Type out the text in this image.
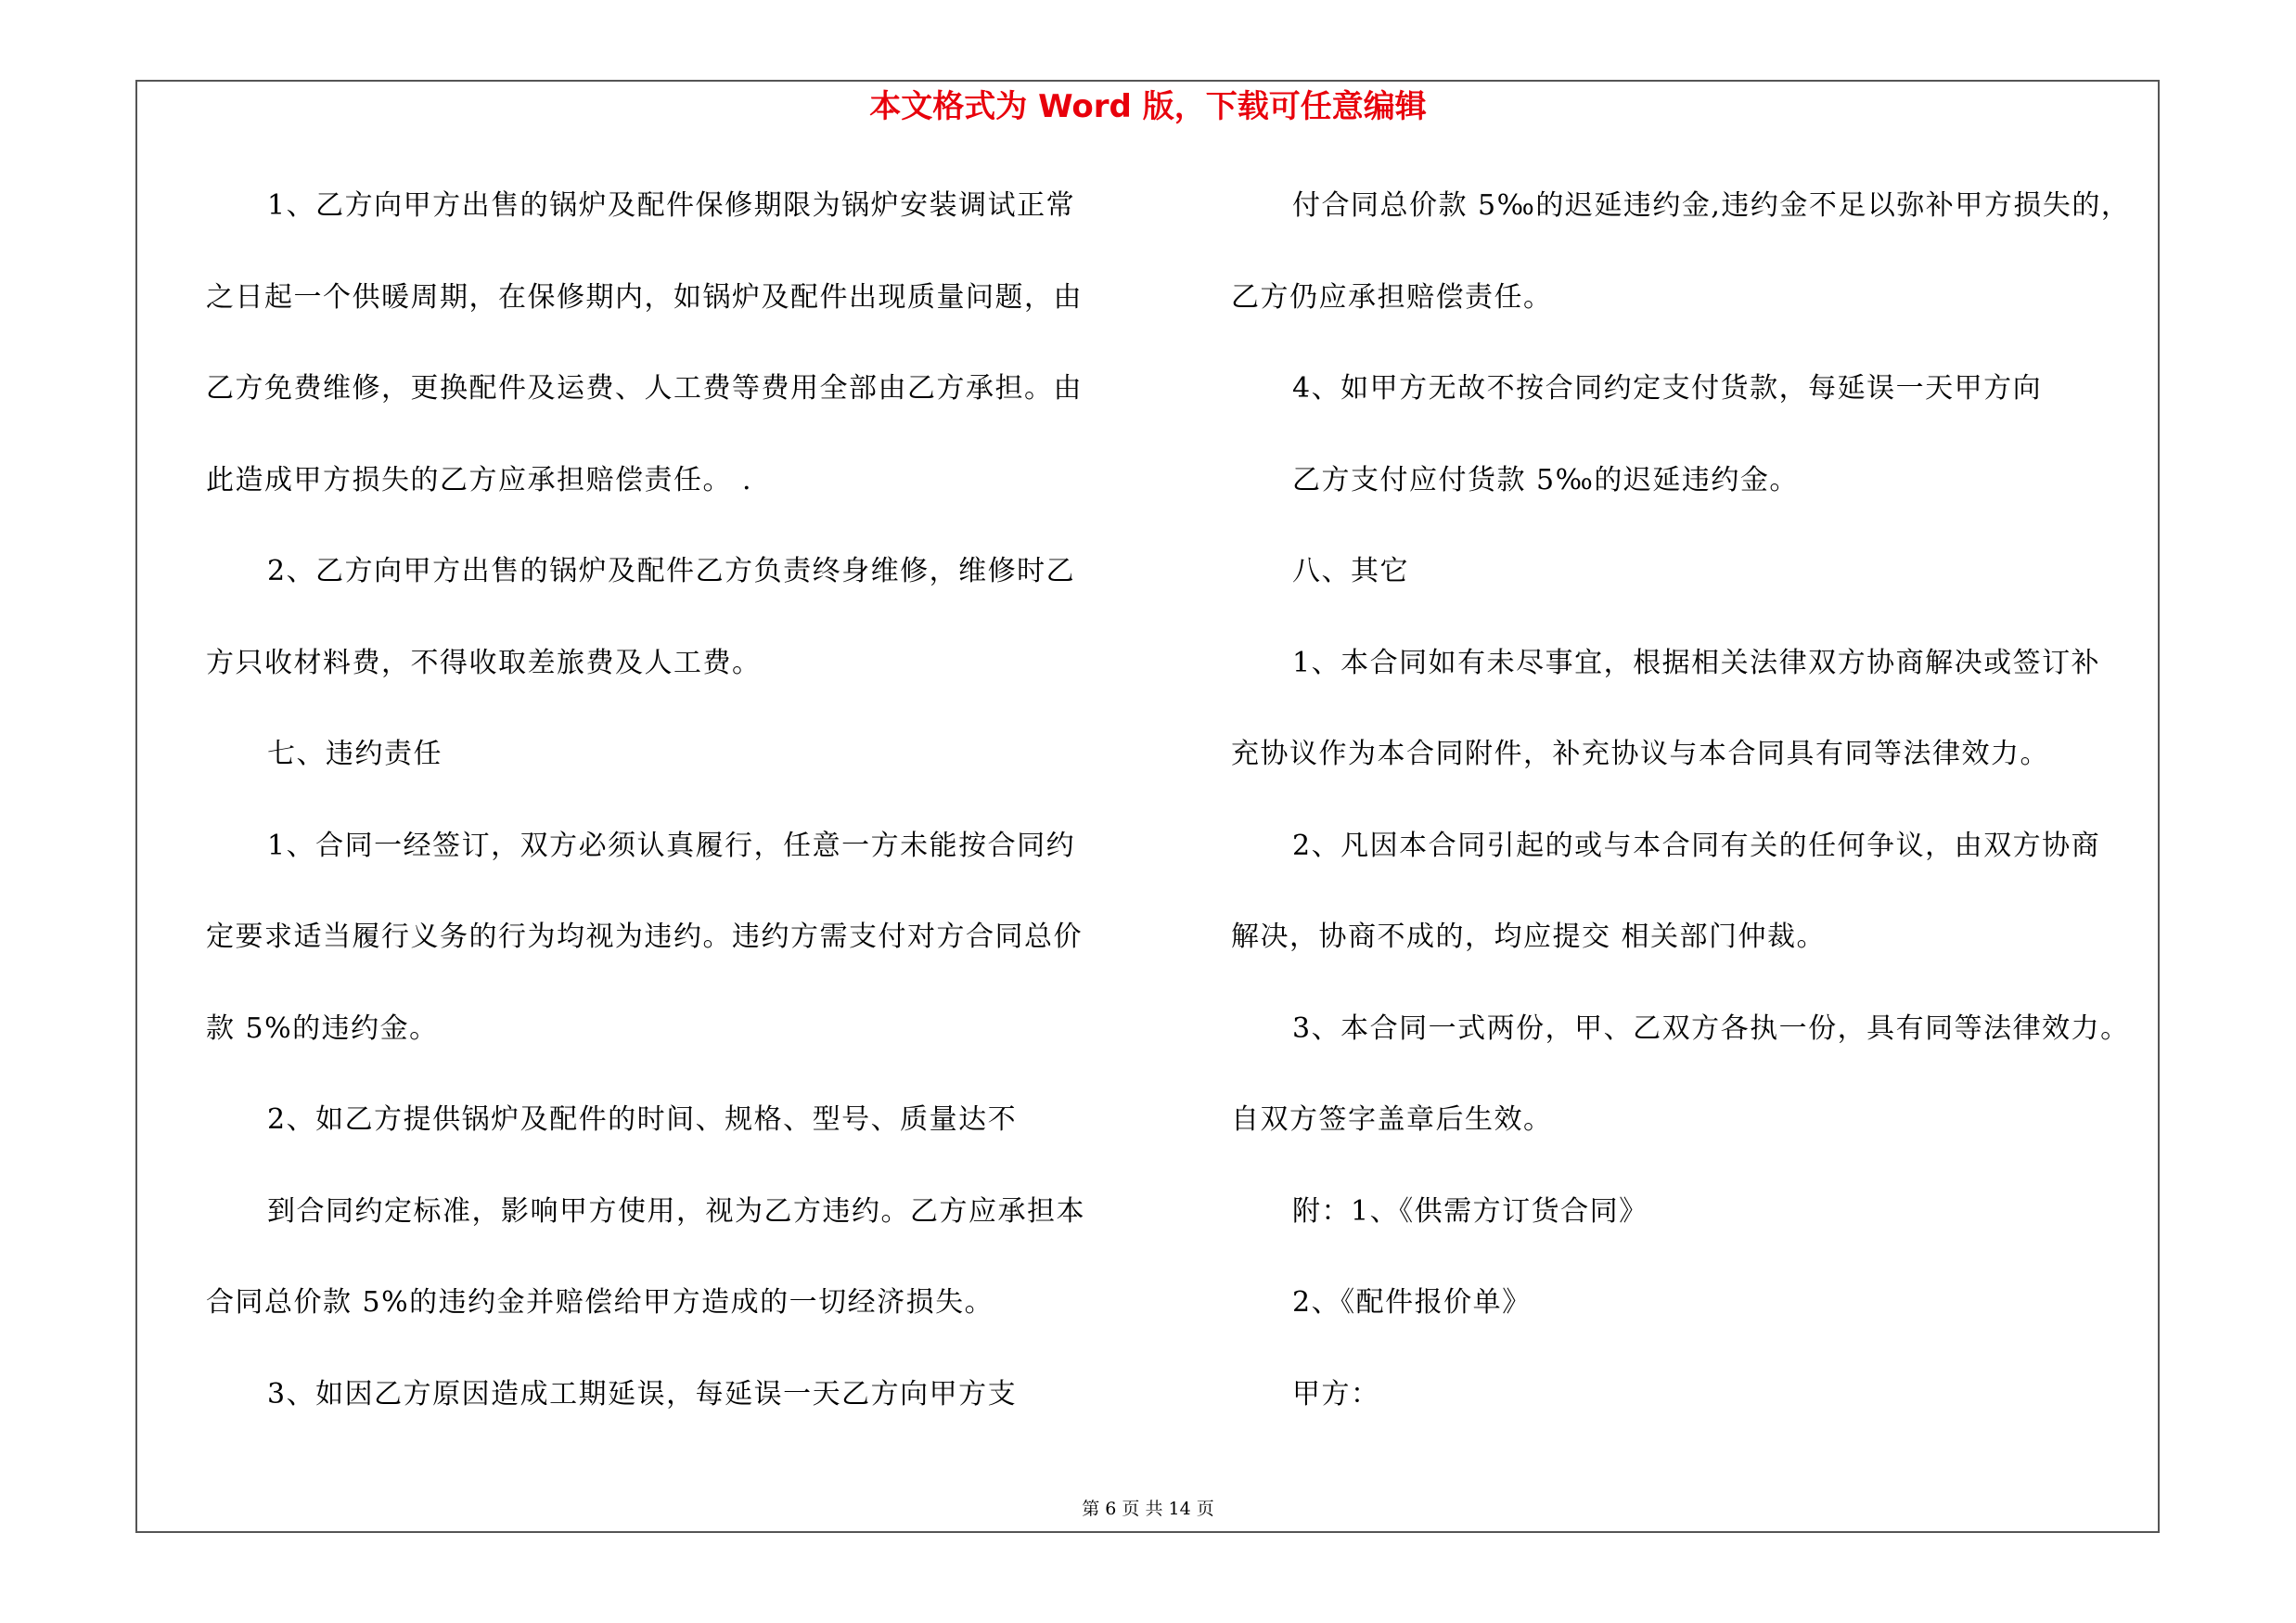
本文格式为 Word 版，下载可任意编辑
1、乙方向甲方出售的锅炉及配件保修期限为锅炉安装调试正常
之日起一个供暖周期，在保修期内，如锅炉及配件出现质量问题，由
乙方免费维修，更换配件及运费、人工费等费用全部由乙方承担。由
此造成甲方损失的乙方应承担赔偿责任。 .
2、乙方向甲方出售的锅炉及配件乙方负责终身维修，维修时乙
方只收材料费，不得收取差旅费及人工费。
七、违约责任
1、合同一经签订，双方必须认真履行，任意一方未能按合同约
定要求适当履行义务的行为均视为违约。违约方需支付对方合同总价
款 5%的违约金。
2、如乙方提供锅炉及配件的时间、规格、型号、质量达不
到合同约定标准，影响甲方使用，视为乙方违约。乙方应承担本
合同总价款 5%的违约金并赔偿给甲方造成的一切经济损失。
3、如因乙方原因造成工期延误，每延误一天乙方向甲方支
付合同总价款 5‰的迟延违约金,违约金不足以弥补甲方损失的，
乙方仍应承担赔偿责任。
4、如甲方无故不按合同约定支付货款，每延误一天甲方向
乙方支付应付货款 5‰的迟延违约金。
八、其它
1、本合同如有未尽事宜，根据相关法律双方协商解决或签订补
充协议作为本合同附件，补充协议与本合同具有同等法律效力。
2、凡因本合同引起的或与本合同有关的任何争议，由双方协商
解决，协商不成的，均应提交 相关部门仲裁。
3、本合同一式两份，甲、乙双方各执一份，具有同等法律效力。
自双方签字盖章后生效。
附：1、《供需方订货合同》
2、《配件报价单》
甲方：
第 6 页 共 14 页
